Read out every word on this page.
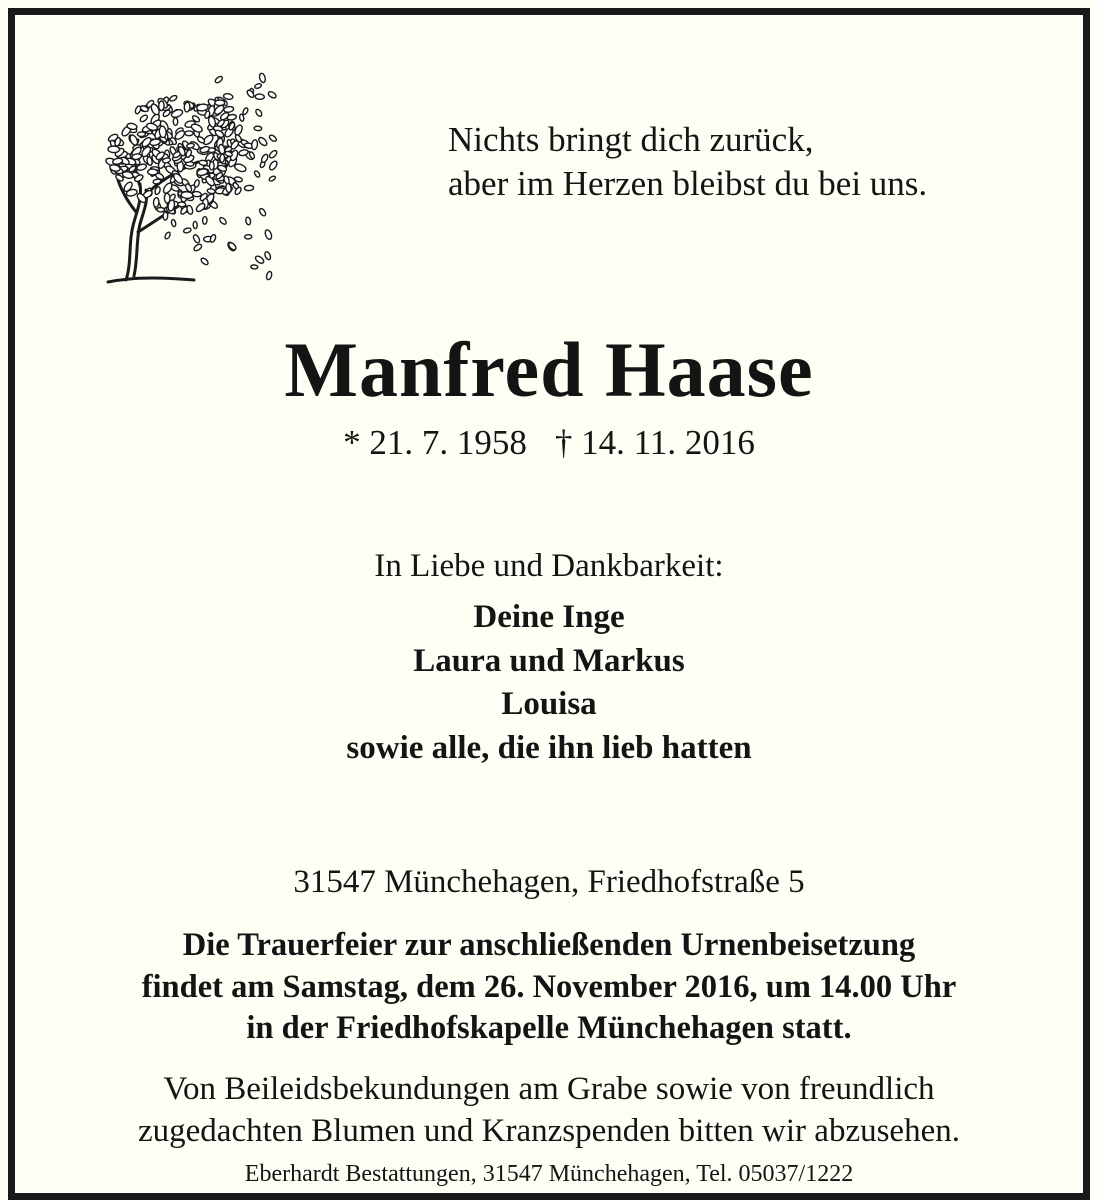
Nichts bringt dich zurück,
aber im Herzen bleibst du bei uns.
Manfred Haase
* 21. 7. 1958 † 14. 11. 2016
In Liebe und Dankbarkeit:
Deine Inge
Laura und Markus
Louisa
sowie alle, die ihn lieb hatten
31547 Münchehagen, Friedhofstraße 5
Die Trauerfeier zur anschließenden Urnenbeisetzung
findet am Samstag, dem 26. November 2016, um 14.00 Uhr
in der Friedhofskapelle Münchehagen statt.
Von Beileidsbekundungen am Grabe sowie von freundlich
zugedachten Blumen und Kranzspenden bitten wir abzusehen.
Eberhardt Bestattungen, 31547 Münchehagen, Tel. 05037/1222
